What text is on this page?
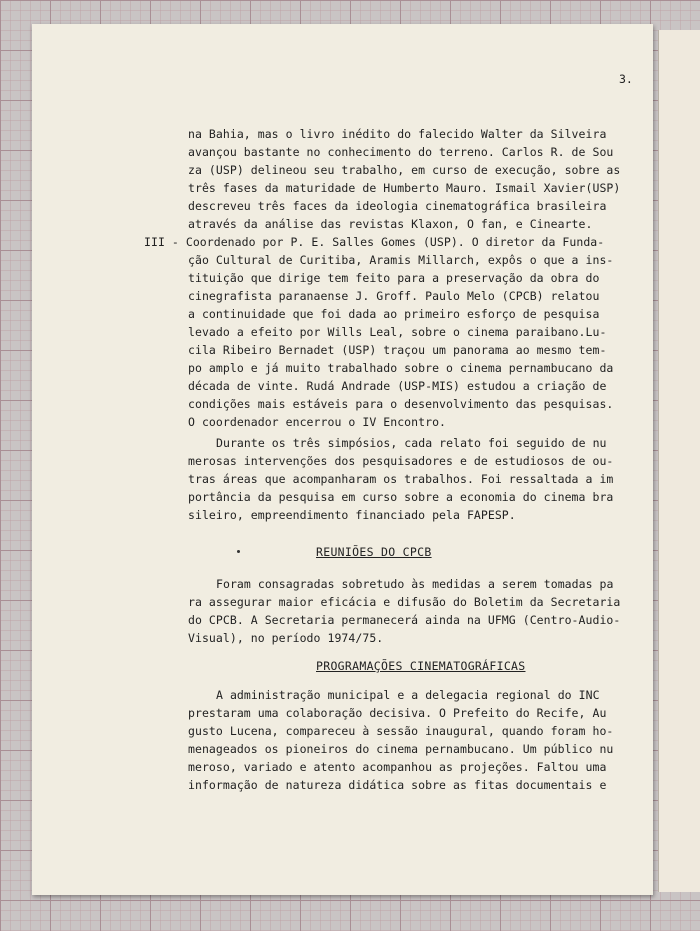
3.
na Bahia, mas o livro inédito do falecido Walter da Silveira
avançou bastante no conhecimento do terreno. Carlos R. de Sou
za (USP) delineou seu trabalho, em curso de execução, sobre as
três fases da maturidade de Humberto Mauro. Ismail Xavier(USP)
descreveu três faces da ideologia cinematográfica brasileira
através da análise das revistas Klaxon, O fan, e Cinearte.
III - Coordenado por P. E. Salles Gomes (USP). O diretor da Funda-
ção Cultural de Curitiba, Aramis Millarch, expôs o que a ins-
tituição que dirige tem feito para a preservação da obra do
cinegrafista paranaense J. Groff. Paulo Melo (CPCB) relatou
a continuidade que foi dada ao primeiro esforço de pesquisa
levado a efeito por Wills Leal, sobre o cinema paraibano.Lu-
cila Ribeiro Bernadet (USP) traçou um panorama ao mesmo tem-
po amplo e já muito trabalhado sobre o cinema pernambucano da
década de vinte. Rudá Andrade (USP-MIS) estudou a criação de
condições mais estáveis para o desenvolvimento das pesquisas.
O coordenador encerrou o IV Encontro.
Durante os três simpósios, cada relato foi seguido de nu
merosas intervenções dos pesquisadores e de estudiosos de ou-
tras áreas que acompanharam os trabalhos. Foi ressaltada a im
portância da pesquisa em curso sobre a economia do cinema bra
sileiro, empreendimento financiado pela FAPESP.
REUNIÕES DO CPCB
Foram consagradas sobretudo às medidas a serem tomadas pa
ra assegurar maior eficácia e difusão do Boletim da Secretaria
do CPCB. A Secretaria permanecerá ainda na UFMG (Centro-Audio-
Visual), no período 1974/75.
PROGRAMAÇÕES CINEMATOGRÁFICAS
A administração municipal e a delegacia regional do INC
prestaram uma colaboração decisiva. O Prefeito do Recife, Au
gusto Lucena, compareceu à sessão inaugural, quando foram ho-
menageados os pioneiros do cinema pernambucano. Um público nu
meroso, variado e atento acompanhou as projeções. Faltou uma
informação de natureza didática sobre as fitas documentais e
